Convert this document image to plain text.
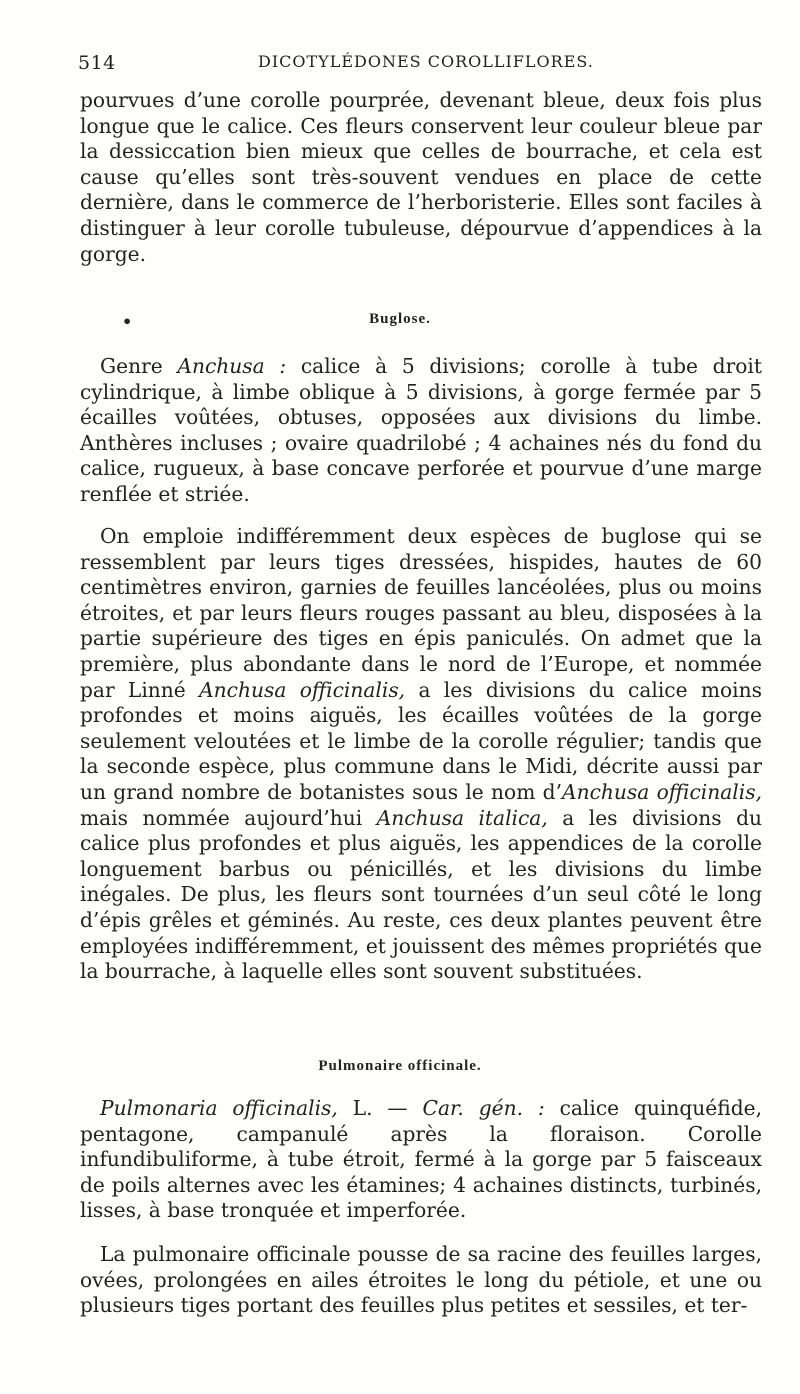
514	DICOTYLÉDONES COROLLIFLORES.

pourvues d’une corolle pourprée, devenant bleue, deux fois plus longue que le calice. Ces fleurs conservent leur couleur bleue par la dessiccation bien mieux que celles de bourrache, et cela est cause qu’elles sont très-souvent vendues en place de cette dernière, dans le commerce de l’herboristerie. Elles sont faciles à distinguer à leur corolle tubuleuse, dépourvue d’appendices à la gorge.

•	Buglose.

Genre Anchusa : calice à 5 divisions; corolle à tube droit cylindrique, à limbe oblique à 5 divisions, à gorge fermée par 5 écailles voûtées, obtuses, opposées aux divisions du limbe. Anthères incluses ; ovaire quadrilobé ; 4 achaines nés du fond du calice, rugueux, à base concave perforée et pourvue d’une marge renflée et striée.

On emploie indifféremment deux espèces de buglose qui se ressemblent par leurs tiges dressées, hispides, hautes de 60 centimètres environ, garnies de feuilles lancéolées, plus ou moins étroites, et par leurs fleurs rouges passant au bleu, disposées à la partie supérieure des tiges en épis paniculés. On admet que la première, plus abondante dans le nord de l’Europe, et nommée par Linné Anchusa officinalis, a les divisions du calice moins profondes et moins aiguës, les écailles voûtées de la gorge seulement veloutées et le limbe de la corolle régulier; tandis que la seconde espèce, plus commune dans le Midi, décrite aussi par un grand nombre de botanistes sous le nom d’Anchusa officinalis, mais nommée aujourd’hui Anchusa italica, a les divisions du calice plus profondes et plus aiguës, les appendices de la corolle longuement barbus ou pénicillés, et les divisions du limbe inégales. De plus, les fleurs sont tournées d’un seul côté le long d’épis grêles et géminés. Au reste, ces deux plantes peuvent être employées indifféremment, et jouissent des mêmes propriétés que la bourrache, à laquelle elles sont souvent substituées.

Pulmonaire officinale.

Pulmonaria officinalis, L. — Car. gén. : calice quinquéfide, pentagone, campanulé après la floraison. Corolle infundibuliforme, à tube étroit, fermé à la gorge par 5 faisceaux de poils alternes avec les étamines; 4 achaines distincts, turbinés, lisses, à base tronquée et imperforée.

La pulmonaire officinale pousse de sa racine des feuilles larges, ovées, prolongées en ailes étroites le long du pétiole, et une ou plusieurs tiges portant des feuilles plus petites et sessiles, et ter-
